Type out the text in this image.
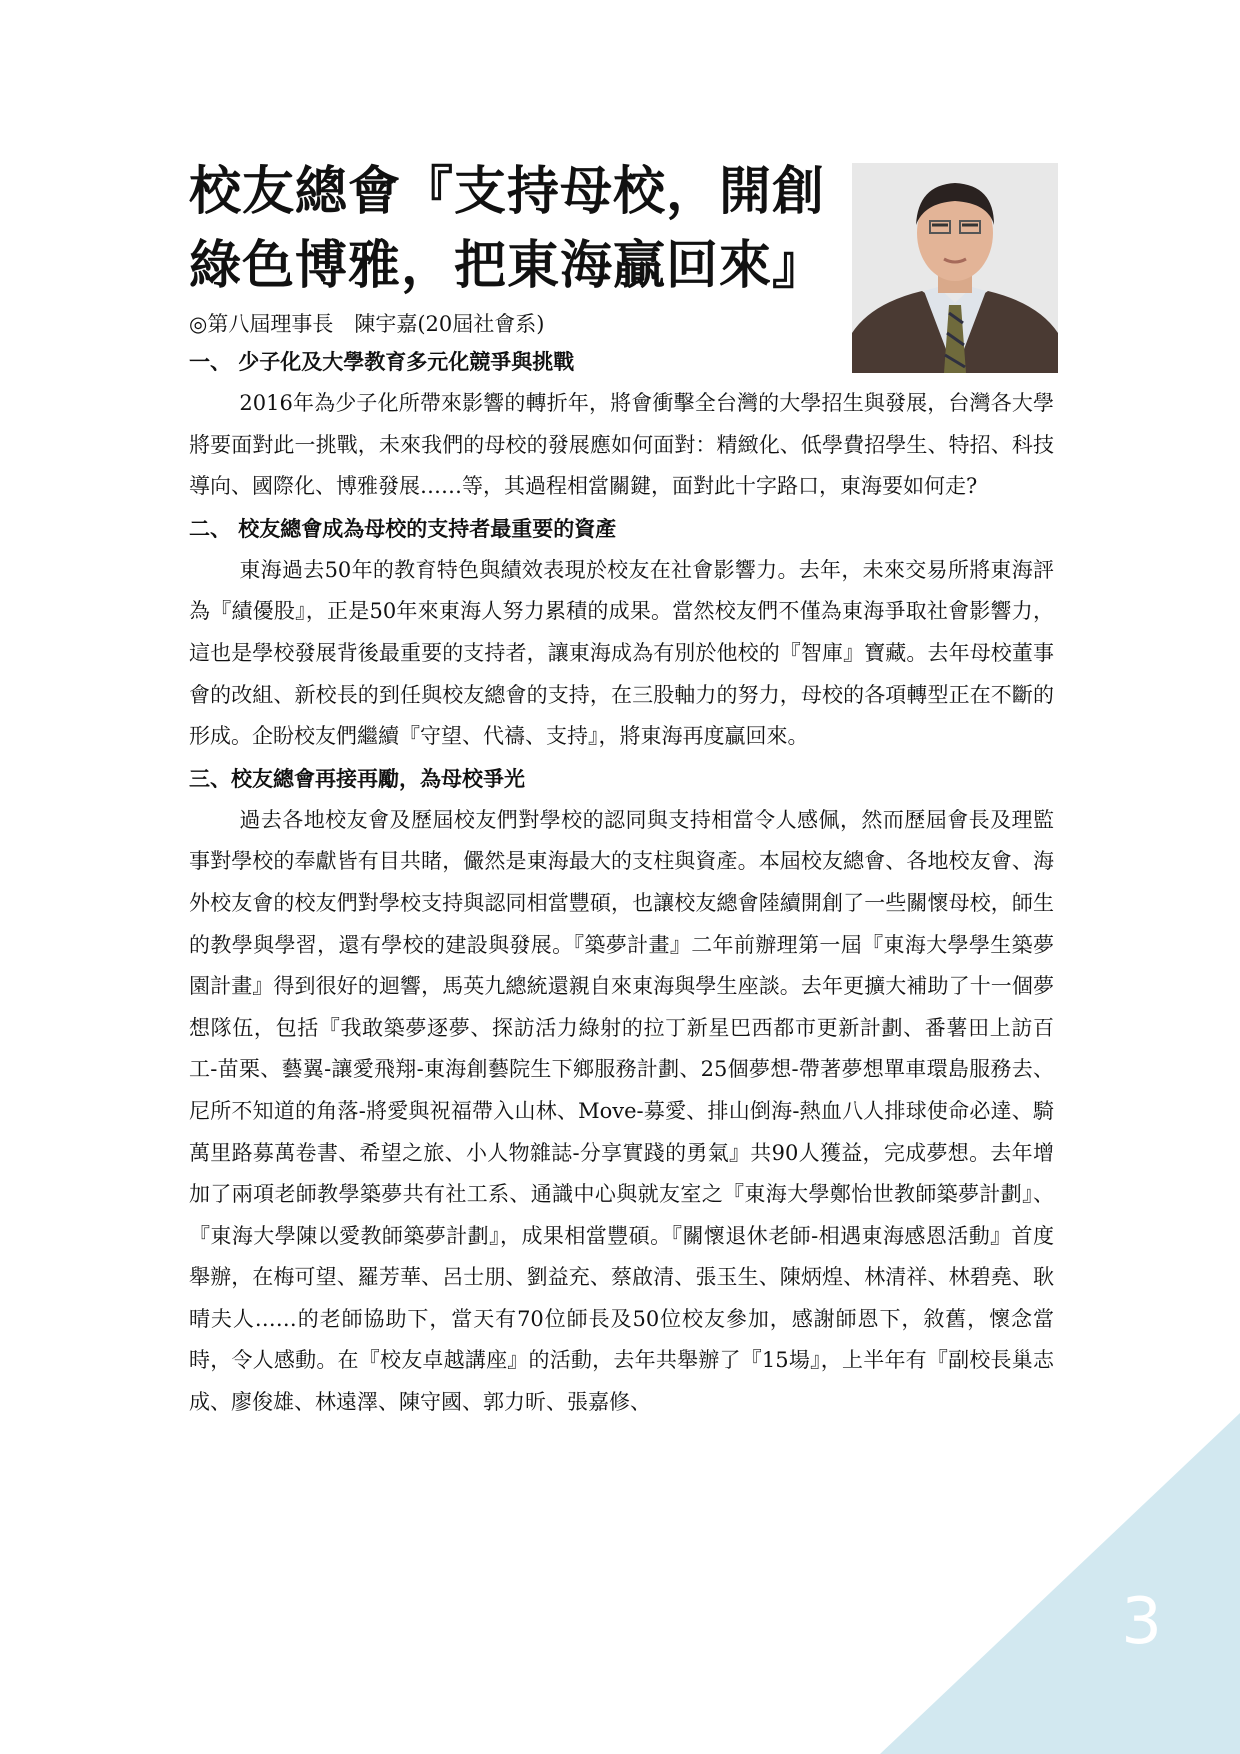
3
校友總會『支持母校，開創
綠色博雅，把東海贏回來』
◎第八屆理事長　陳宇嘉(20屆社會系)
一、 少子化及大學教育多元化競爭與挑戰

2016年為少子化所帶來影響的轉折年，將會衝擊全台灣的大學招生與發展，台灣各大學將要面對此一挑戰，未來我們的母校的發展應如何面對：精緻化、低學費招學生、特招、科技導向、國際化、博雅發展……等，其過程相當關鍵，面對此十字路口，東海要如何走?

二、 校友總會成為母校的支持者最重要的資產

東海過去50年的教育特色與績效表現於校友在社會影響力。去年，未來交易所將東海評為『績優股』，正是50年來東海人努力累積的成果。當然校友們不僅為東海爭取社會影響力，這也是學校發展背後最重要的支持者，讓東海成為有別於他校的『智庫』寶藏。去年母校董事會的改組、新校長的到任與校友總會的支持，在三股軸力的努力，母校的各項轉型正在不斷的形成。企盼校友們繼續『守望、代禱、支持』，將東海再度贏回來。

三、校友總會再接再勵，為母校爭光

過去各地校友會及歷屆校友們對學校的認同與支持相當令人感佩，然而歷屆會長及理監事對學校的奉獻皆有目共睹，儼然是東海最大的支柱與資產。本屆校友總會、各地校友會、海外校友會的校友們對學校支持與認同相當豐碩，也讓校友總會陸續開創了一些關懷母校，師生的教學與學習，還有學校的建設與發展。『築夢計畫』二年前辦理第一屆『東海大學學生築夢園計畫』得到很好的迴響，馬英九總統還親自來東海與學生座談。去年更擴大補助了十一個夢想隊伍，包括『我敢築夢逐夢、探訪活力綠射的拉丁新星巴西都市更新計劃、番薯田上訪百工-苗栗、藝翼-讓愛飛翔-東海創藝院生下鄉服務計劃、25個夢想-帶著夢想單車環島服務去、尼所不知道的角落-將愛與祝福帶入山林、Move-募愛、排山倒海-熱血八人排球使命必達、騎萬里路募萬卷書、希望之旅、小人物雜誌-分享實踐的勇氣』共90人獲益，完成夢想。去年增加了兩項老師教學築夢共有社工系、通識中心與就友室之『東海大學鄭怡世教師築夢計劃』、『東海大學陳以愛教師築夢計劃』，成果相當豐碩。『關懷退休老師-相遇東海感恩活動』首度舉辦，在梅可望、羅芳華、呂士朋、劉益充、蔡啟清、張玉生、陳炳煌、林清祥、林碧堯、耿晴夫人……的老師協助下，當天有70位師長及50位校友參加，感謝師恩下，敘舊，懷念當時，令人感動。在『校友卓越講座』的活動，去年共舉辦了『15場』，上半年有『副校長巢志成、廖俊雄、林遠澤、陳守國、郭力昕、張嘉修、
